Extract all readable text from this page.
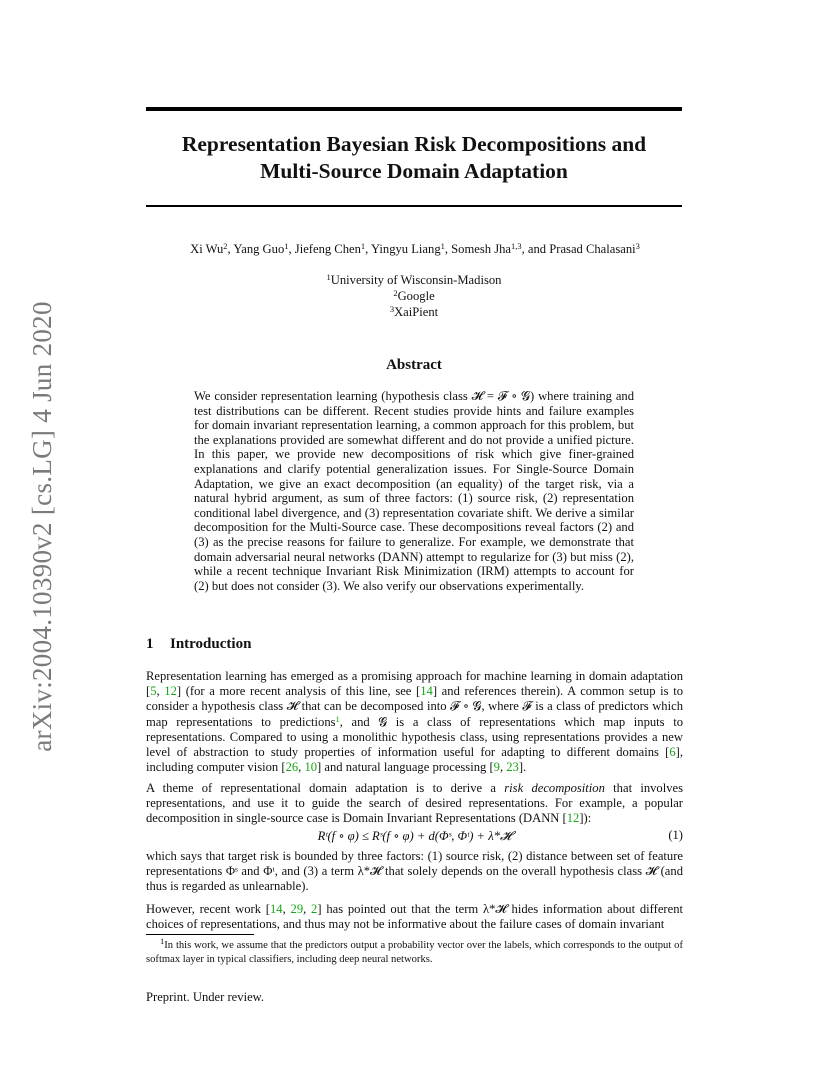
arXiv:2004.10390v2 [cs.LG] 4 Jun 2020
Representation Bayesian Risk Decompositions and
Multi-Source Domain Adaptation
Xi Wu$^2$, Yang Guo$^1$, Jiefeng Chen$^1$, Yingyu Liang$^1$, Somesh Jha$^{1,3}$, and Prasad Chalasani$^3$
$^1$University of Wisconsin-Madison
$^2$Google
$^3$XaiPient
Abstract
We consider representation learning (hypothesis class 𝓗 = 𝓕 ∘ 𝓖) where training and test distributions can be different. Recent studies provide hints and failure examples for domain invariant representation learning, a common approach for this problem, but the explanations provided are somewhat different and do not provide a unified picture. In this paper, we provide new decompositions of risk which give finer-grained explanations and clarify potential generalization issues. For Single-Source Domain Adaptation, we give an exact decomposition (an equality) of the target risk, via a natural hybrid argument, as sum of three factors: (1) source risk, (2) representation conditional label divergence, and (3) representation covariate shift. We derive a similar decomposition for the Multi-Source case. These decompositions reveal factors (2) and (3) as the precise reasons for failure to generalize. For example, we demonstrate that domain adversarial neural networks (DANN) attempt to regularize for (3) but miss (2), while a recent technique Invariant Risk Minimization (IRM) attempts to account for (2) but does not consider (3). We also verify our observations experimentally.
1 Introduction
Representation learning has emerged as a promising approach for machine learning in domain adaptation [5, 12] (for a more recent analysis of this line, see [14] and references therein). A common setup is to consider a hypothesis class 𝓗 that can be decomposed into 𝓕 ∘ 𝓖, where 𝓕 is a class of predictors which map representations to predictions$^1$, and 𝓖 is a class of representations which map inputs to representations. Compared to using a monolithic hypothesis class, using representations provides a new level of abstraction to study properties of information useful for adapting to different domains [6], including computer vision [26, 10] and natural language processing [9, 23].
A theme of representational domain adaptation is to derive a risk decomposition that involves representations, and use it to guide the search of desired representations. For example, a popular decomposition in single-source case is Domain Invariant Representations (DANN [12]):
Rᵗ(f ∘ φ) ≤ Rˢ(f ∘ φ) + d(Φˢ, Φᵗ) + λ*𝓗	(1)
which says that target risk is bounded by three factors: (1) source risk, (2) distance between set of feature representations Φˢ and Φᵗ, and (3) a term λ*𝓗 that solely depends on the overall hypothesis class 𝓗 (and thus is regarded as unlearnable).
However, recent work [14, 29, 2] has pointed out that the term λ*𝓗 hides information about different choices of representations, and thus may not be informative about the failure cases of domain invariant
$^1$In this work, we assume that the predictors output a probability vector over the labels, which corresponds to the output of softmax layer in typical classifiers, including deep neural networks.
Preprint. Under review.
